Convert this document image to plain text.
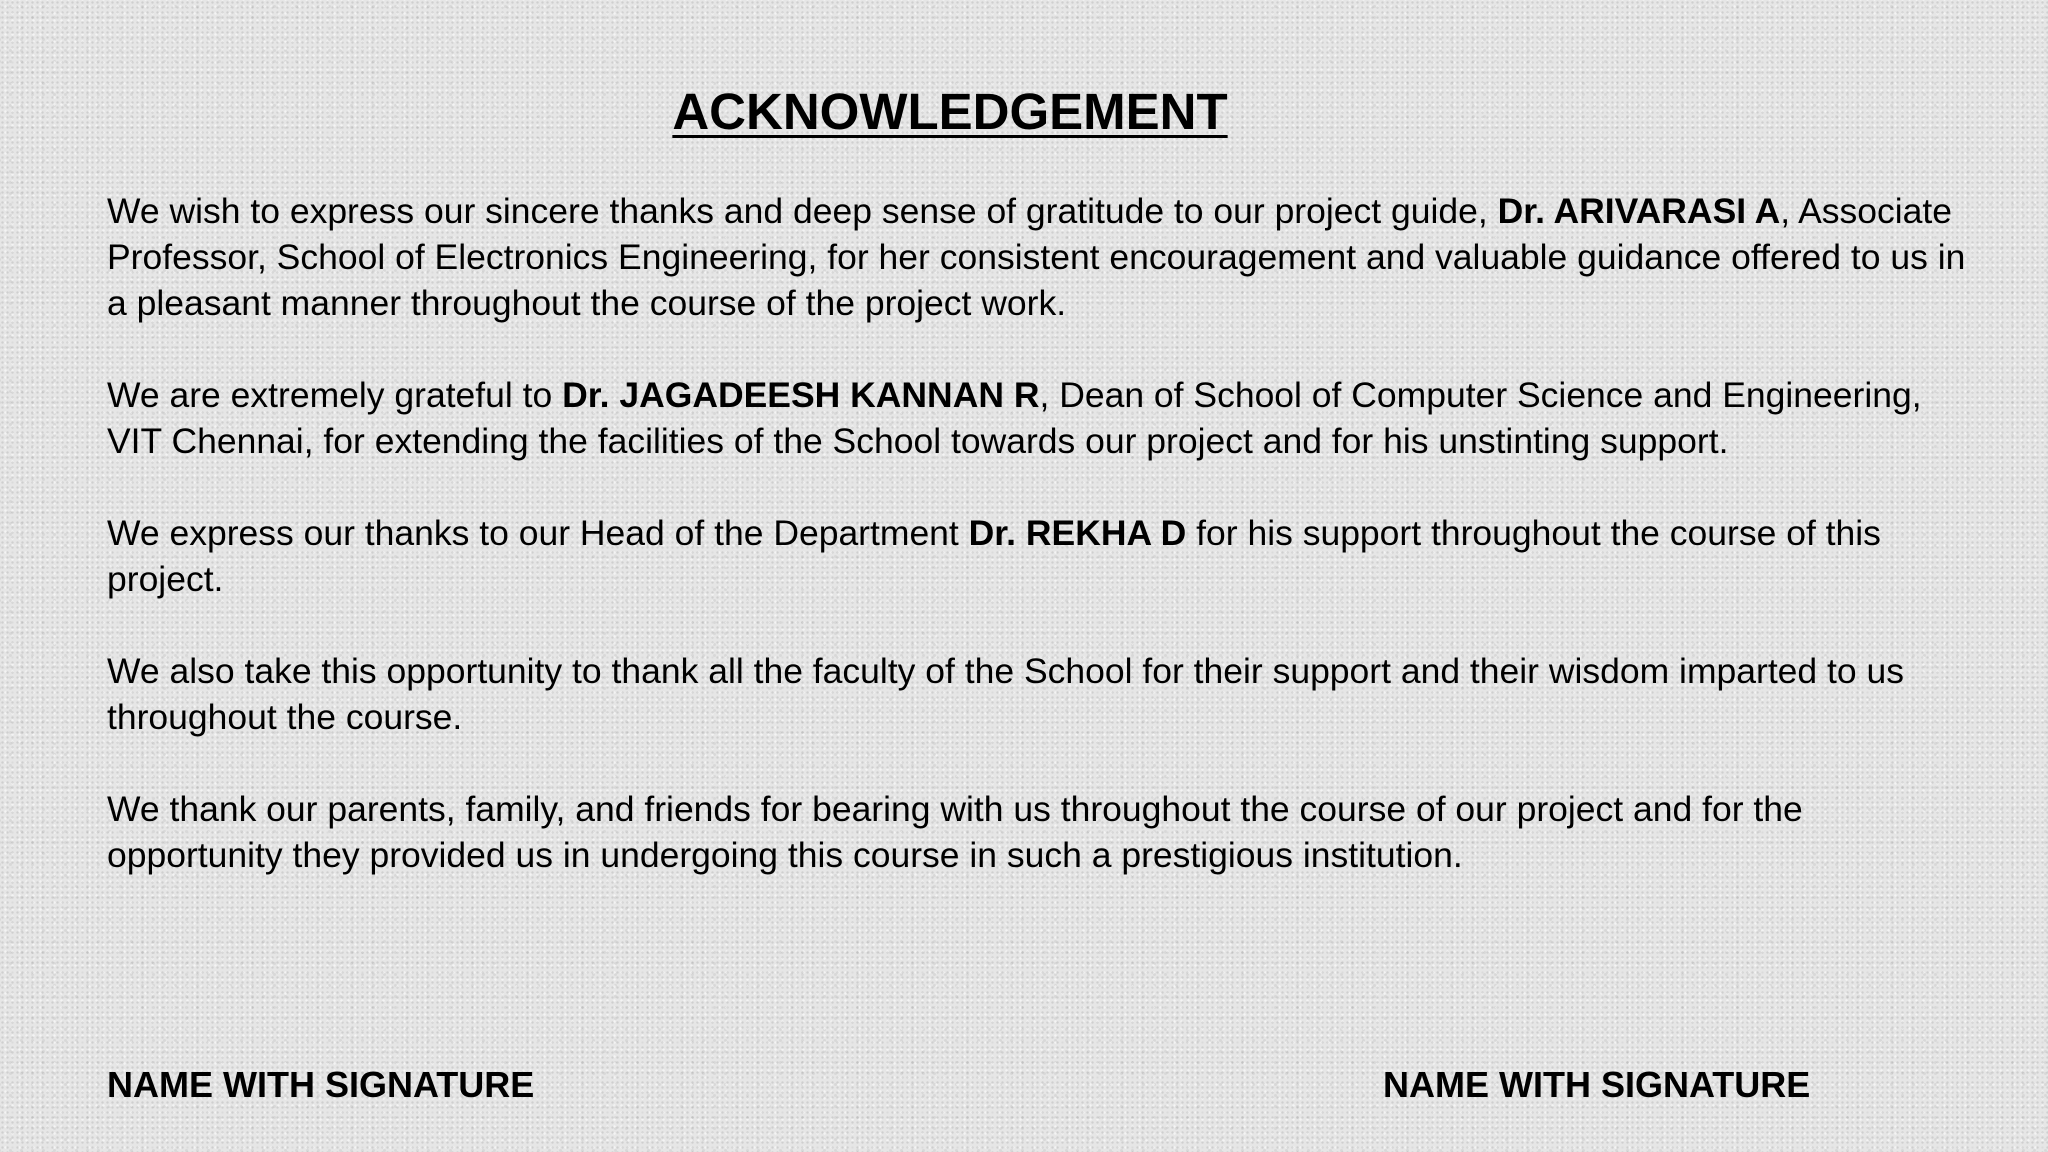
ACKNOWLEDGEMENT

We wish to express our sincere thanks and deep sense of gratitude to our project guide, Dr. ARIVARASI A, Associate Professor, School of Electronics Engineering, for her consistent encouragement and valuable guidance offered to us in a pleasant manner throughout the course of the project work.

We are extremely grateful to Dr. JAGADEESH KANNAN R, Dean of School of Computer Science and Engineering, VIT Chennai, for extending the facilities of the School towards our project and for his unstinting support.

We express our thanks to our Head of the Department Dr. REKHA D for his support throughout the course of this project.

We also take this opportunity to thank all the faculty of the School for their support and their wisdom imparted to us throughout the course.

We thank our parents, family, and friends for bearing with us throughout the course of our project and for the opportunity they provided us in undergoing this course in such a prestigious institution.

NAME WITH SIGNATURE	NAME WITH SIGNATURE
